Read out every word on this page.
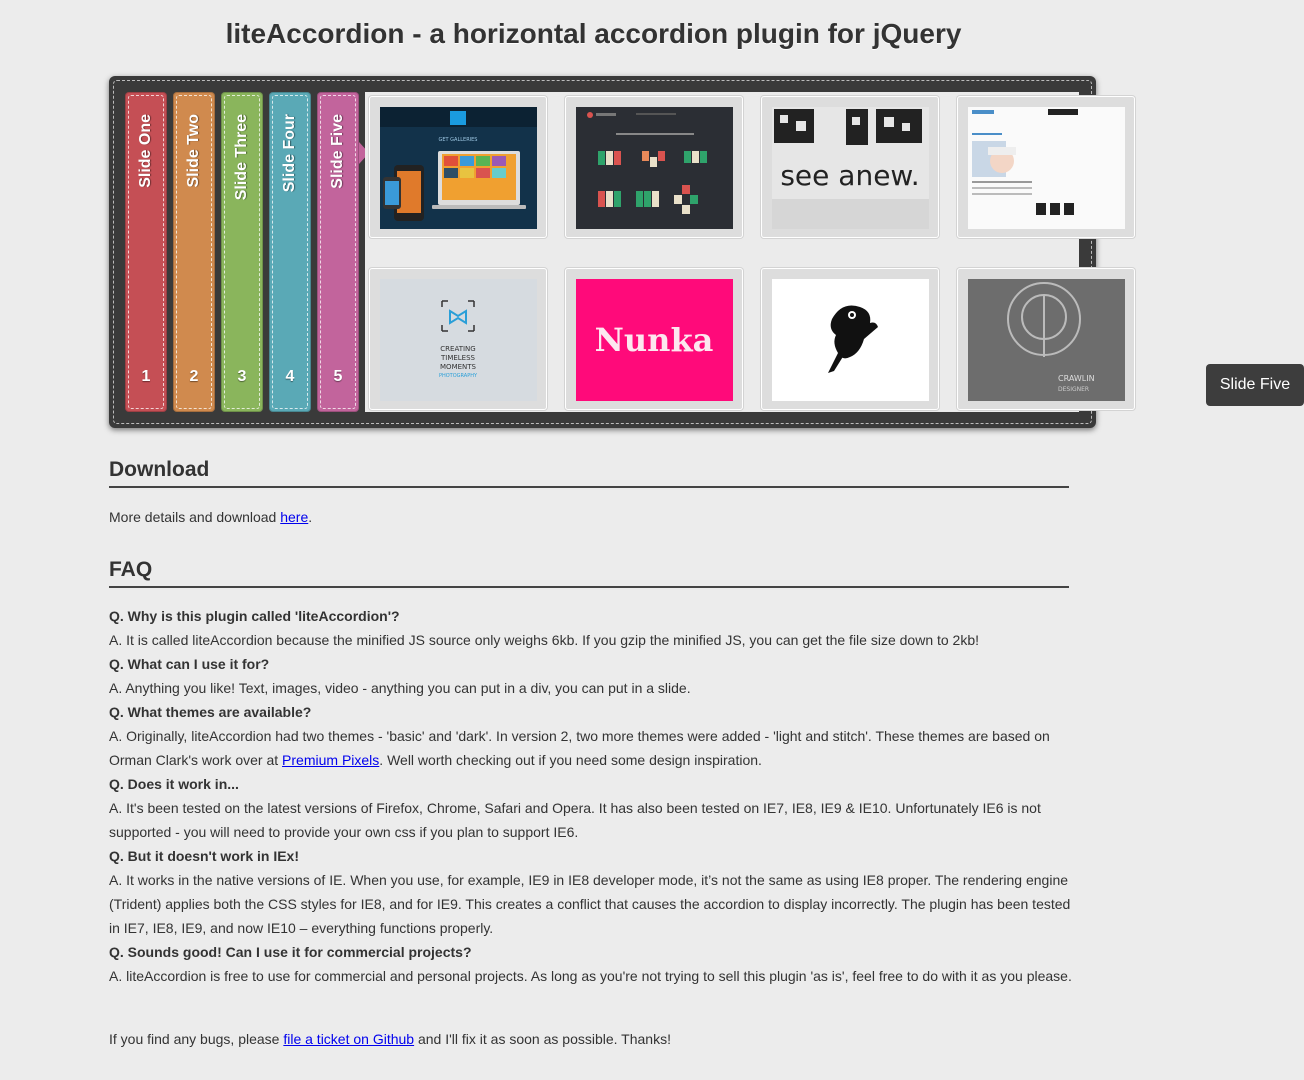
liteAccordion - a horizontal accordion plugin for jQuery
Slide One
1
Slide Two
2
Slide Three
3
Slide Four
4
Slide Five
5
GET GALLERIES
see anew.
CREATING
TIMELESS
MOMENTS
PHOTOGRAPHY
Nunka
CRAWLIN
DESIGNER	Slide Five
Download

More details and download here.

FAQ
Q. Why is this plugin called 'liteAccordion'?
A. It is called liteAccordion because the minified JS source only weighs 6kb. If you gzip the minified JS, you can get the file size down to 2kb!
Q. What can I use it for?
A. Anything you like! Text, images, video - anything you can put in a div, you can put in a slide.
Q. What themes are available?
A. Originally, liteAccordion had two themes - 'basic' and 'dark'. In version 2, two more themes were added - 'light and stitch'. These themes are based on Orman Clark's work over at Premium Pixels. Well worth checking out if you need some design inspiration.
Q. Does it work in...
A. It's been tested on the latest versions of Firefox, Chrome, Safari and Opera. It has also been tested on IE7, IE8, IE9 & IE10. Unfortunately IE6 is not supported - you will need to provide your own css if you plan to support IE6.
Q. But it doesn't work in IEx!
A. It works in the native versions of IE. When you use, for example, IE9 in IE8 developer mode, it’s not the same as using IE8 proper. The rendering engine (Trident) applies both the CSS styles for IE8, and for IE9. This creates a conflict that causes the accordion to display incorrectly. The plugin has been tested in IE7, IE8, IE9, and now IE10 – everything functions properly.
Q. Sounds good! Can I use it for commercial projects?
A. liteAccordion is free to use for commercial and personal projects. As long as you're not trying to sell this plugin 'as is', feel free to do with it as you please.

If you find any bugs, please file a ticket on Github and I'll fix it as soon as possible. Thanks!
